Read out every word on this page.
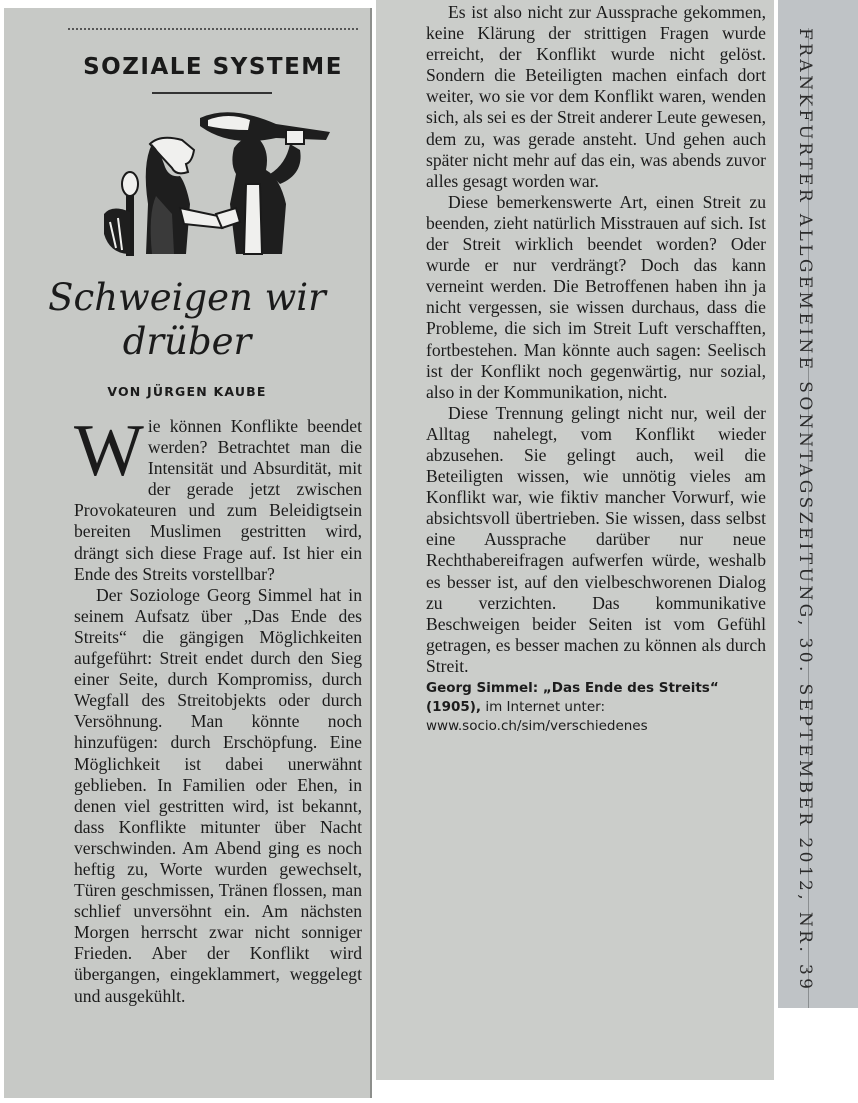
SOZIALE SYSTEME
Schweigen wir
drüber
VON JÜRGEN KAUBE

Wie können Konflikte beendet werden? Betrachtet man die Intensität und Absurdität, mit der gerade jetzt zwischen Provokateuren und zum Beleidigtsein bereiten Muslimen gestritten wird, drängt sich diese Frage auf. Ist hier ein Ende des Streits vorstellbar?

Der Soziologe Georg Simmel hat in seinem Aufsatz über „Das Ende des Streits“ die gängigen Möglichkeiten aufgeführt: Streit endet durch den Sieg einer Seite, durch Kompromiss, durch Wegfall des Streitobjekts oder durch Versöhnung. Man könnte noch hinzufügen: durch Erschöpfung. Eine Möglichkeit ist dabei unerwähnt geblieben. In Familien oder Ehen, in denen viel gestritten wird, ist bekannt, dass Konflikte mitunter über Nacht verschwinden. Am Abend ging es noch heftig zu, Worte wurden gewechselt, Türen geschmissen, Tränen flossen, man schlief unversöhnt ein. Am nächsten Morgen herrscht zwar nicht sonniger Frieden. Aber der Konflikt wird übergangen, eingeklammert, weggelegt und ausgekühlt.

Es ist also nicht zur Aussprache gekommen, keine Klärung der strittigen Fragen wurde erreicht, der Konflikt wurde nicht gelöst. Sondern die Beteiligten machen einfach dort weiter, wo sie vor dem Konflikt waren, wenden sich, als sei es der Streit anderer Leute gewesen, dem zu, was gerade ansteht. Und gehen auch später nicht mehr auf das ein, was abends zuvor alles gesagt worden war.

Diese bemerkenswerte Art, einen Streit zu beenden, zieht natürlich Misstrauen auf sich. Ist der Streit wirklich beendet worden? Oder wurde er nur verdrängt? Doch das kann verneint werden. Die Betroffenen haben ihn ja nicht vergessen, sie wissen durchaus, dass die Probleme, die sich im Streit Luft verschafften, fortbestehen. Man könnte auch sagen: Seelisch ist der Konflikt noch gegenwärtig, nur sozial, also in der Kommunikation, nicht.

Diese Trennung gelingt nicht nur, weil der Alltag nahelegt, vom Konflikt wieder abzusehen. Sie gelingt auch, weil die Beteiligten wissen, wie unnötig vieles am Konflikt war, wie fiktiv mancher Vorwurf, wie absichtsvoll übertrieben. Sie wissen, dass selbst eine Aussprache darüber nur neue Rechthabereifragen aufwerfen würde, weshalb es besser ist, auf den vielbeschworenen Dialog zu verzichten. Das kommunikative Beschweigen beider Seiten ist vom Gefühl getragen, es besser machen zu können als durch Streit.

Georg Simmel: „Das Ende des Streits“ (1905), im Internet unter: www.socio.ch/sim/verschiedenes	FRANKFURTER ALLGEMEINE SONNTAGSZEITUNG, 30. SEPTEMBER 2012, NR. 39
